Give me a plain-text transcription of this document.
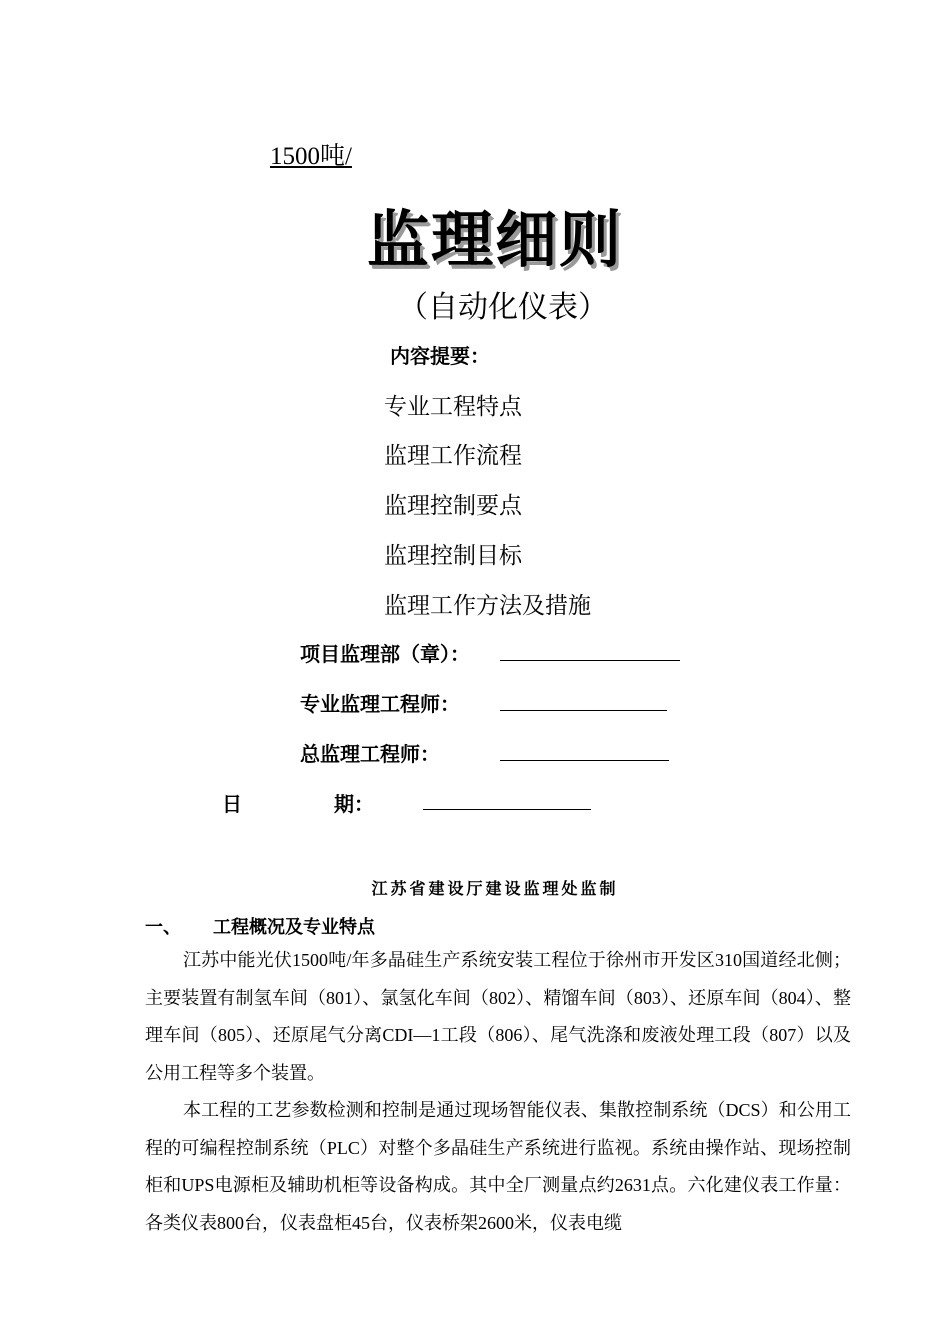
1500吨/
监理细则
（自动化仪表）
内容提要：
专业工程特点
监理工作流程
监理控制要点
监理控制目标
监理工作方法及措施
项目监理部（章）：
专业监理工程师：
总监理工程师：
日	期：
江苏省建设厅建设监理处监制
一、 工程概况及专业特点

江苏中能光伏1500吨/年多晶硅生产系统安装工程位于徐州市开发区310国道经北侧；主要装置有制氢车间（801）、氯氢化车间（802）、精馏车间（803）、还原车间（804）、整理车间（805）、还原尾气分离CDI—1工段（806）、尾气洗涤和废液处理工段（807）以及公用工程等多个装置。

本工程的工艺参数检测和控制是通过现场智能仪表、集散控制系统（DCS）和公用工程的可编程控制系统（PLC）对整个多晶硅生产系统进行监视。系统由操作站、现场控制柜和UPS电源柜及辅助机柜等设备构成。其中全厂测量点约2631点。六化建仪表工作量：各类仪表800台，仪表盘柜45台，仪表桥架2600米，仪表电缆
